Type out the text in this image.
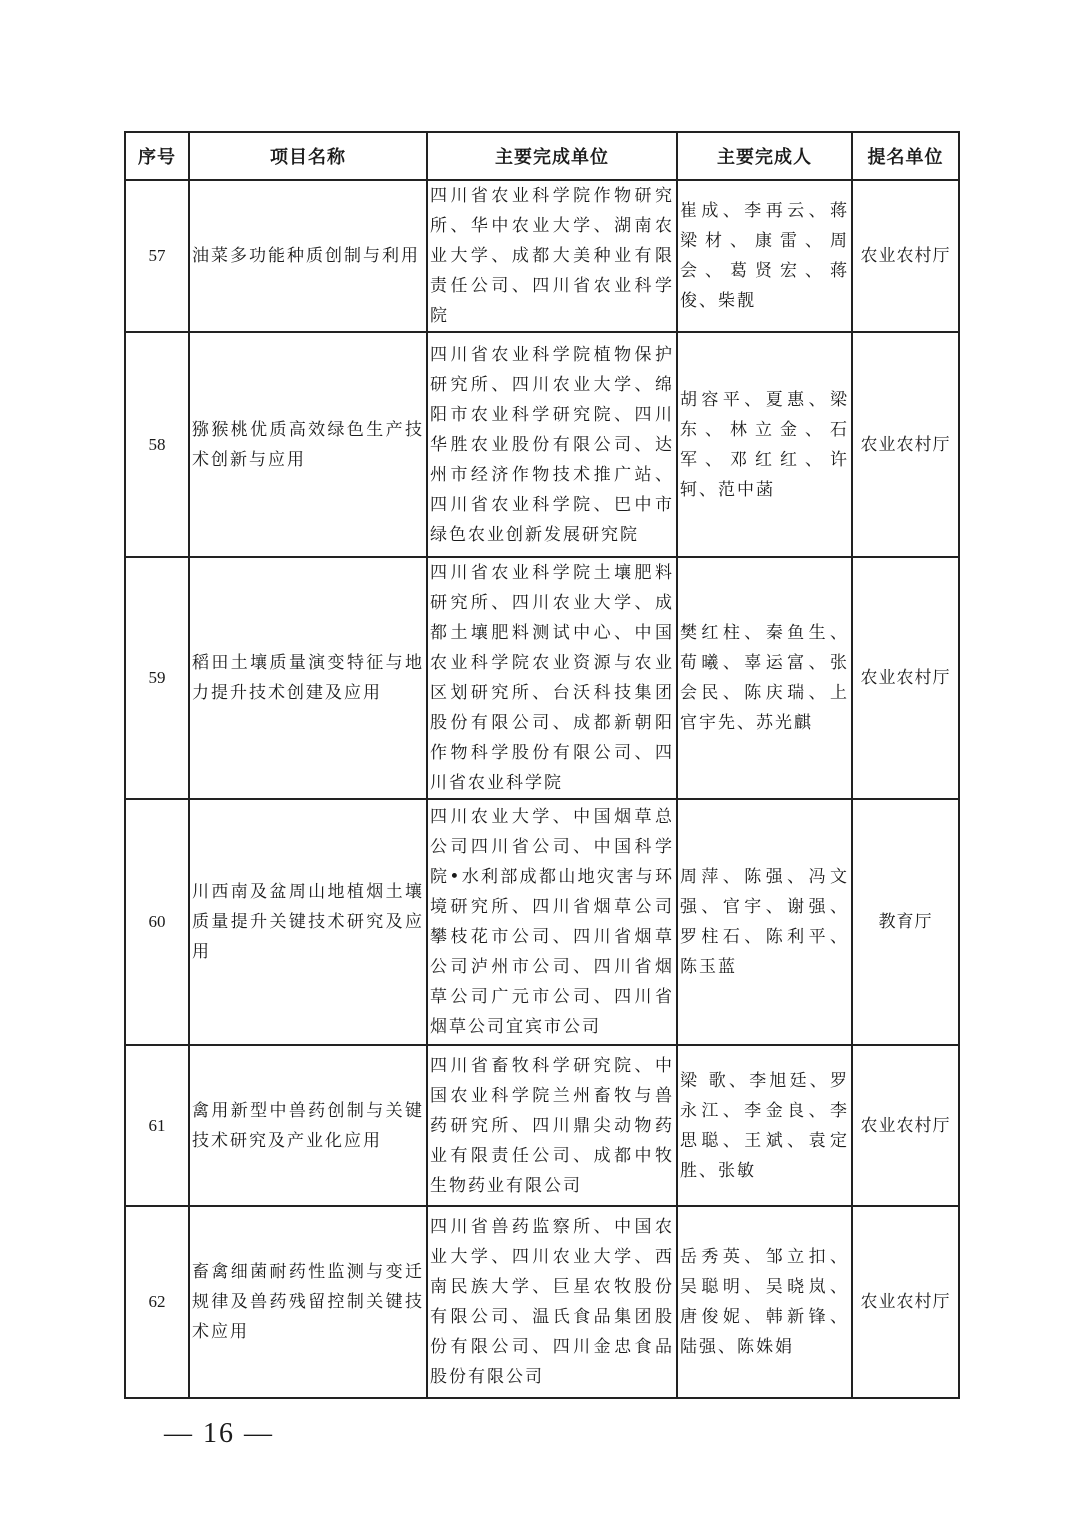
序号	项目名称	主要完成单位	主要完成人	提名单位
57	油菜多功能种质创制与利用	四川省农业科学院作物研究所、华中农业大学、湖南农业大学、成都大美种业有限责任公司、四川省农业科学院	崔成、李再云、蒋梁材、康雷、周会、葛贤宏、蒋俊、柴靓	农业农村厅
58	猕猴桃优质高效绿色生产技术创新与应用	四川省农业科学院植物保护研究所、四川农业大学、绵阳市农业科学研究院、四川华胜农业股份有限公司、达州市经济作物技术推广站、四川省农业科学院、巴中市绿色农业创新发展研究院	胡容平、夏惠、梁东、林立金、石军、邓红红、许轲、范中菡	农业农村厅
59	稻田土壤质量演变特征与地力提升技术创建及应用	四川省农业科学院土壤肥料研究所、四川农业大学、成都土壤肥料测试中心、中国农业科学院农业资源与农业区划研究所、台沃科技集团股份有限公司、成都新朝阳作物科学股份有限公司、四川省农业科学院	樊红柱、秦鱼生、荀曦、辜运富、张会民、陈庆瑞、上官宇先、苏光麒	农业农村厅
60	川西南及盆周山地植烟土壤质量提升关键技术研究及应用	四川农业大学、中国烟草总公司四川省公司、中国科学院•水利部成都山地灾害与环境研究所、四川省烟草公司攀枝花市公司、四川省烟草公司泸州市公司、四川省烟草公司广元市公司、四川省烟草公司宜宾市公司	周萍、陈强、冯文强、官宇、谢强、罗柱石、陈利平、陈玉蓝	教育厅
61	禽用新型中兽药创制与关键技术研究及产业化应用	四川省畜牧科学研究院、中国农业科学院兰州畜牧与兽药研究所、四川鼎尖动物药业有限责任公司、成都中牧生物药业有限公司	梁 歌、李旭廷、罗永江、李金良、李思聪、王斌、袁定胜、张敏	农业农村厅
62	畜禽细菌耐药性监测与变迁规律及兽药残留控制关键技术应用	四川省兽药监察所、中国农业大学、四川农业大学、西南民族大学、巨星农牧股份有限公司、温氏食品集团股份有限公司、四川金忠食品股份有限公司	岳秀英、邹立扣、吴聪明、吴晓岚、唐俊妮、韩新锋、陆强、陈姝娟	农业农村厅
— 16 —
